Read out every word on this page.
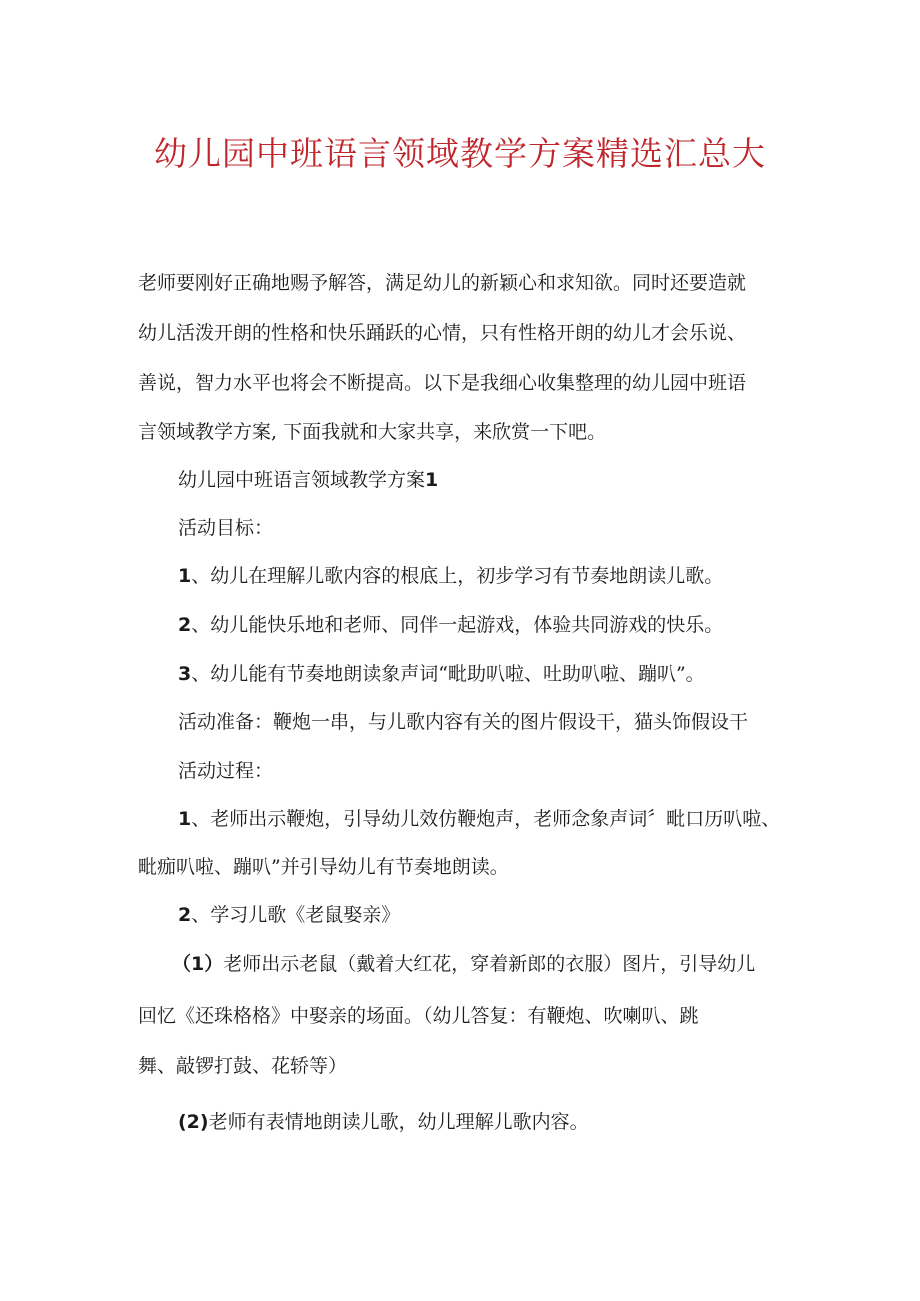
幼儿园中班语言领域教学方案精选汇总大
老师要刚好正确地赐予解答，满足幼儿的新颖心和求知欲。同时还要造就
幼儿活泼开朗的性格和快乐踊跃的心情，只有性格开朗的幼儿才会乐说、
善说，智力水平也将会不断提高。以下是我细心收集整理的幼儿园中班语
言领域教学方案, 下面我就和大家共享，来欣赏一下吧。
幼儿园中班语言领域教学方案1
活动目标：
1、幼儿在理解儿歌内容的根底上，初步学习有节奏地朗读儿歌。
2、幼儿能快乐地和老师、同伴一起游戏，体验共同游戏的快乐。
3、幼儿能有节奏地朗读象声词“毗助叭啦、吐助叭啦、蹦叭”。
活动准备：鞭炮一串，与儿歌内容有关的图片假设干，猫头饰假设干
活动过程：
1、老师出示鞭炮，引导幼儿效仿鞭炮声，老师念象声词〞毗口历叭啦、
毗痂叭啦、蹦叭”并引导幼儿有节奏地朗读。
2、学习儿歌《老鼠娶亲》
（1）老师出示老鼠（戴着大红花，穿着新郎的衣服）图片，引导幼儿
回忆《还珠格格》中娶亲的场面。（幼儿答复：有鞭炮、吹喇叭、跳
舞、敲锣打鼓、花轿等）
(2)老师有表情地朗读儿歌，幼儿理解儿歌内容。
